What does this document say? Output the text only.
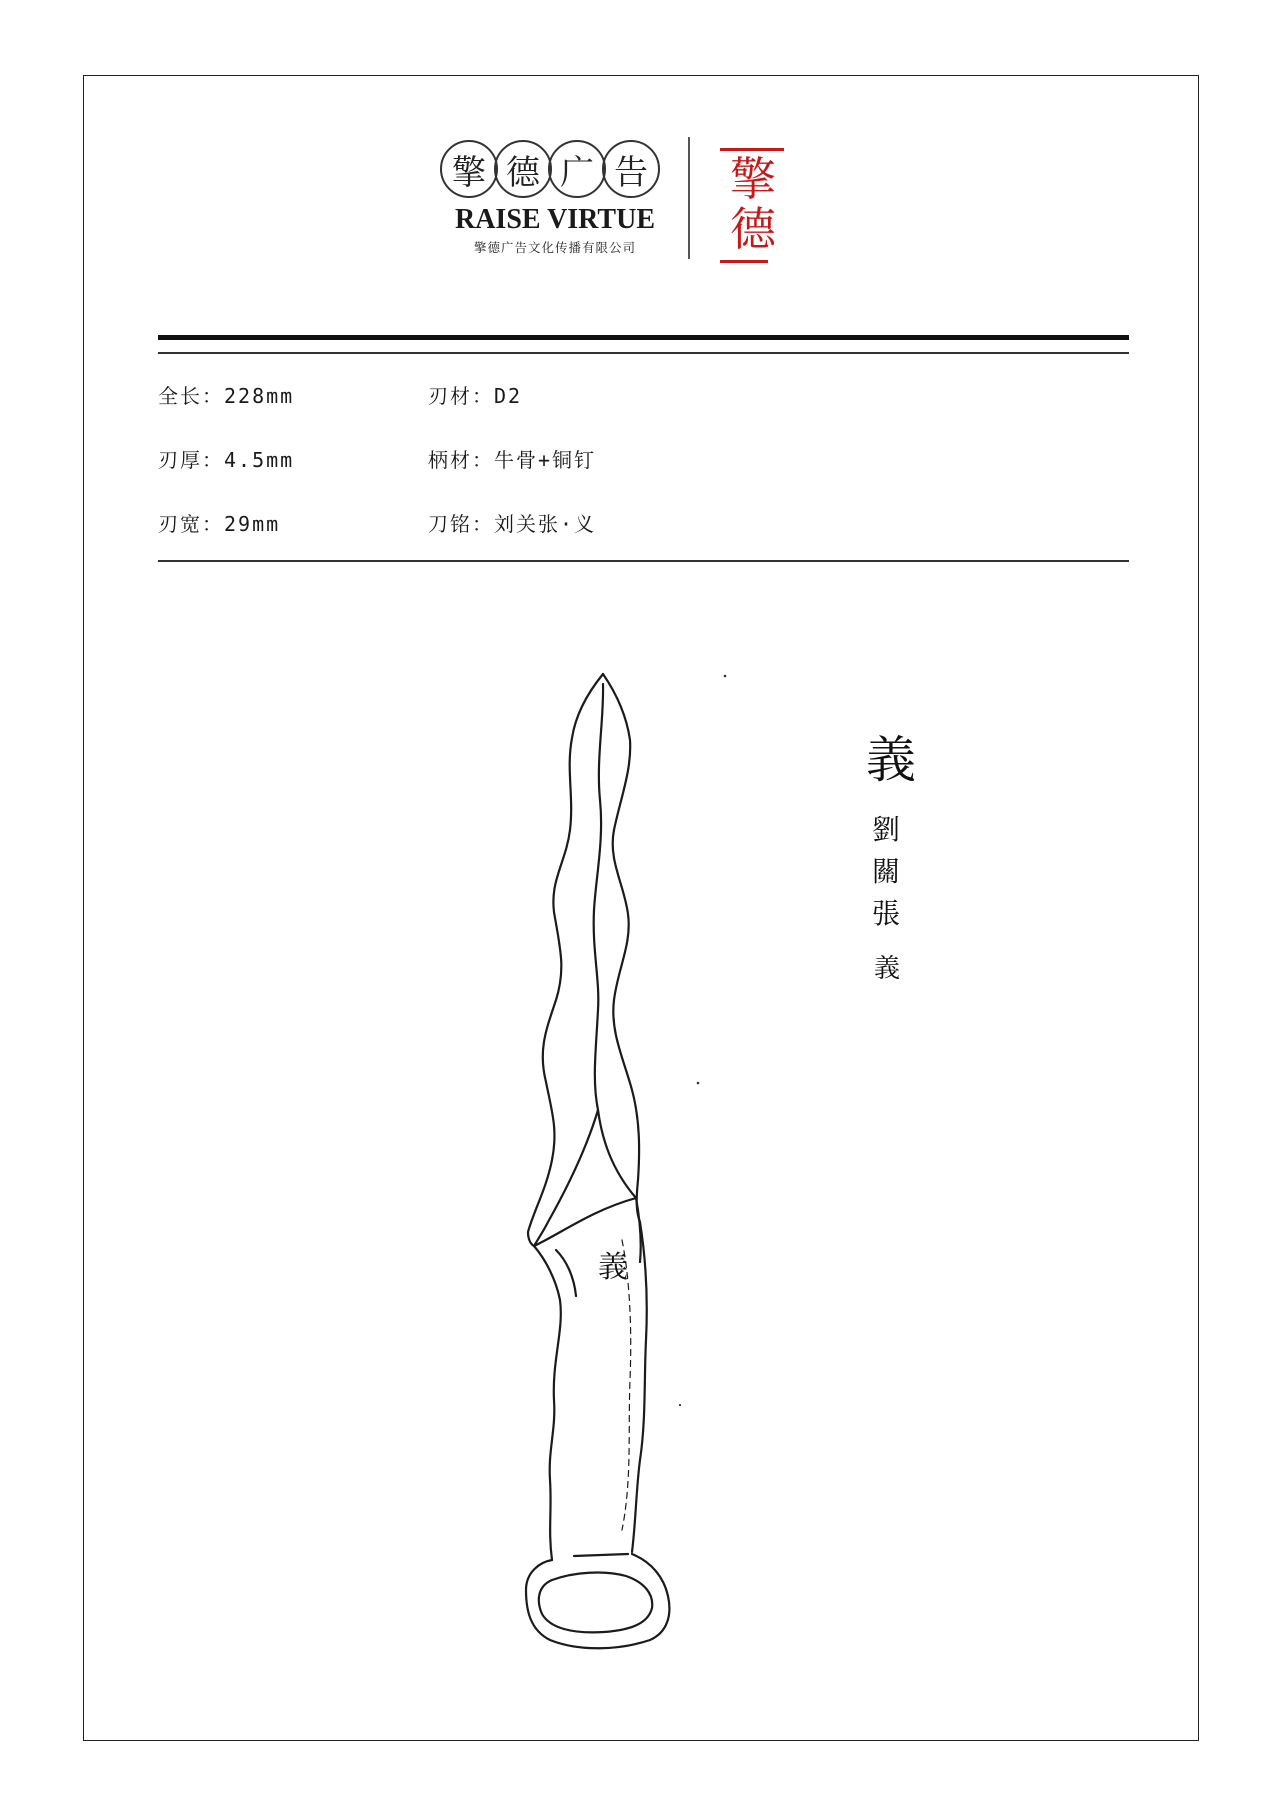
擎 德 广 告
RAISE VIRTUE
擎德广告文化传播有限公司
擎
德
全长：228mm	刃材：D2
刃厚：4.5mm	柄材：牛骨+铜钉
刃宽：29mm	刀铭：刘关张·义
義
義
劉
關
張
義
